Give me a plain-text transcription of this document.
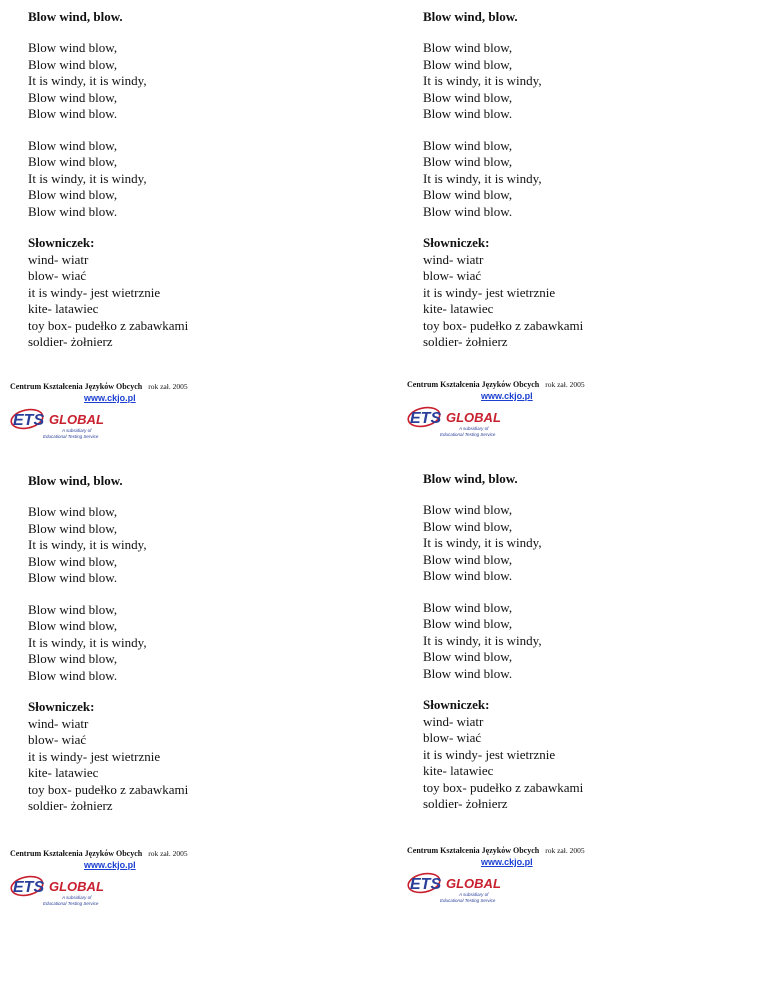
Blow wind, blow.
Blow wind blow,
Blow wind blow,
It is windy, it is windy,
Blow wind blow,
Blow wind blow.
Blow wind blow,
Blow wind blow,
It is windy, it is windy,
Blow wind blow,
Blow wind blow.
Słowniczek:
wind- wiatr
blow- wiać
it is windy- jest wietrznie
kite- latawiec
toy box- pudełko z zabawkami
soldier- żołnierz
Centrum Kształcenia Językόw Obcych rok zał. 2005
www.ckjo.pl
ETS GLOBAL
A subsidiary of
Educational Testing Service
Blow wind, blow.
Blow wind blow,
Blow wind blow,
It is windy, it is windy,
Blow wind blow,
Blow wind blow.
Blow wind blow,
Blow wind blow,
It is windy, it is windy,
Blow wind blow,
Blow wind blow.
Słowniczek:
wind- wiatr
blow- wiać
it is windy- jest wietrznie
kite- latawiec
toy box- pudełko z zabawkami
soldier- żołnierz
Centrum Kształcenia Językόw Obcych rok zał. 2005
www.ckjo.pl
ETS GLOBAL
A subsidiary of
Educational Testing Service
Blow wind, blow.
Blow wind blow,
Blow wind blow,
It is windy, it is windy,
Blow wind blow,
Blow wind blow.
Blow wind blow,
Blow wind blow,
It is windy, it is windy,
Blow wind blow,
Blow wind blow.
Słowniczek:
wind- wiatr
blow- wiać
it is windy- jest wietrznie
kite- latawiec
toy box- pudełko z zabawkami
soldier- żołnierz
Centrum Kształcenia Językόw Obcych rok zał. 2005
www.ckjo.pl
ETS GLOBAL
A subsidiary of
Educational Testing Service
Blow wind, blow.
Blow wind blow,
Blow wind blow,
It is windy, it is windy,
Blow wind blow,
Blow wind blow.
Blow wind blow,
Blow wind blow,
It is windy, it is windy,
Blow wind blow,
Blow wind blow.
Słowniczek:
wind- wiatr
blow- wiać
it is windy- jest wietrznie
kite- latawiec
toy box- pudełko z zabawkami
soldier- żołnierz
Centrum Kształcenia Językόw Obcych rok zał. 2005
www.ckjo.pl
ETS GLOBAL
A subsidiary of
Educational Testing Service
